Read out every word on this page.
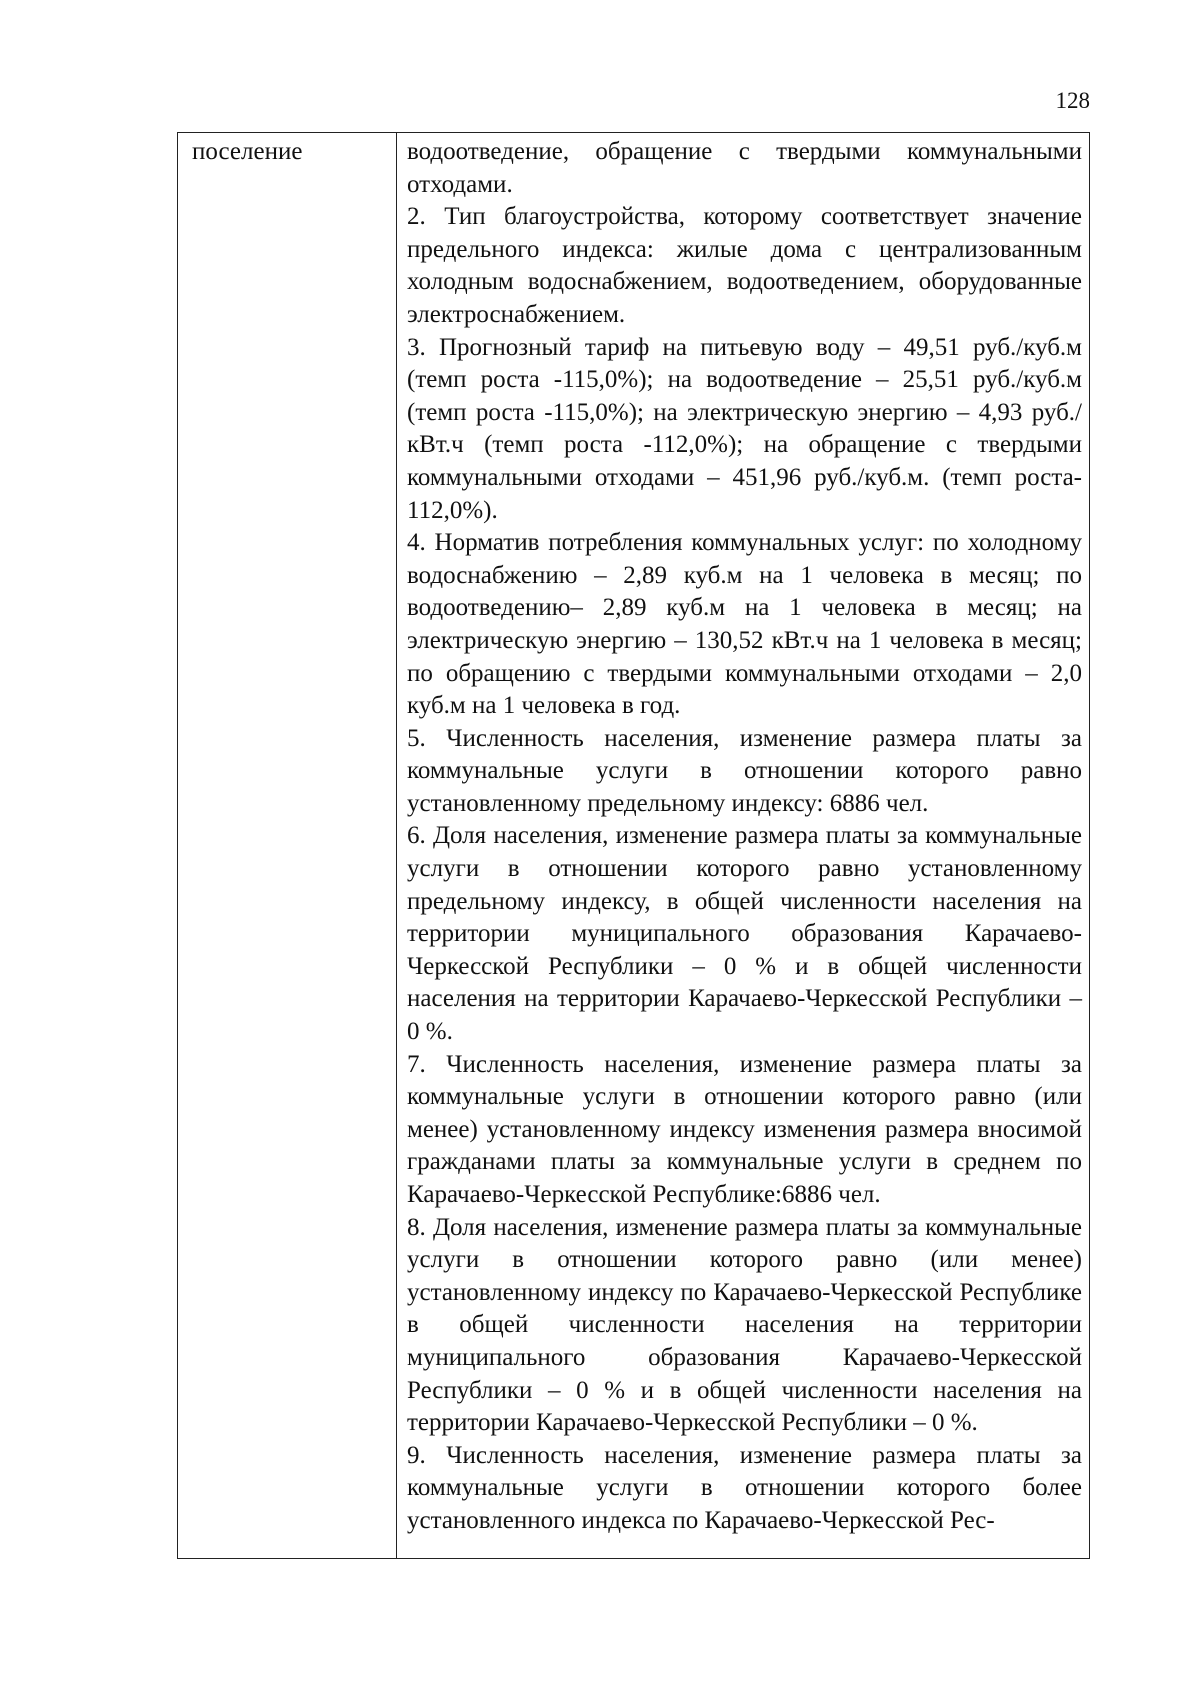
128
поселение	водоотведение, обращение с твердыми коммунальными отходами.

2. Тип благоустройства, которому соответствует значение предельного индекса: жилые дома с централизованным холодным водоснабжением, водоотведением, оборудованные электроснабжением.

3. Прогнозный тариф на питьевую воду – 49,51 руб./куб.м (темп роста -115,0%); на водоотведение – 25,51 руб./куб.м (темп роста -115,0%); на электрическую энергию – 4,93 руб./кВт.ч (темп роста -112,0%); на обращение с твердыми коммунальными отходами – 451,96 руб./куб.м. (темп роста- 112,0%).

4. Норматив потребления коммунальных услуг: по холодному водоснабжению – 2,89 куб.м на 1 человека в месяц; по водоотведению– 2,89 куб.м на 1 человека в месяц; на электрическую энергию – 130,52 кВт.ч на 1 человека в месяц; по обращению с твердыми коммунальными отходами – 2,0 куб.м на 1 человека в год.

5. Численность населения, изменение размера платы за коммунальные услуги в отношении которого равно установленному предельному индексу: 6886 чел.

6. Доля населения, изменение размера платы за коммунальные услуги в отношении которого равно установленному предельному индексу, в общей численности населения на территории муниципального образования Карачаево-Черкесской Республики – 0 % и в общей численности населения на территории Карачаево-Черкесской Республики – 0 %.

7. Численность населения, изменение размера платы за коммунальные услуги в отношении которого равно (или менее) установленному индексу изменения размера вносимой гражданами платы за коммунальные услуги в среднем по Карачаево-Черкесской Республике:6886 чел.

8. Доля населения, изменение размера платы за коммунальные услуги в отношении которого равно (или менее) установленному индексу по Карачаево-Черкесской Республике в общей численности населения на территории муниципального образования Карачаево-Черкесской Республики – 0 % и в общей численности населения на территории Карачаево-Черкесской Республики – 0 %.

9. Численность населения, изменение размера платы за коммунальные услуги в отношении которого более установленного индекса по Карачаево-Черкесской Рес-
